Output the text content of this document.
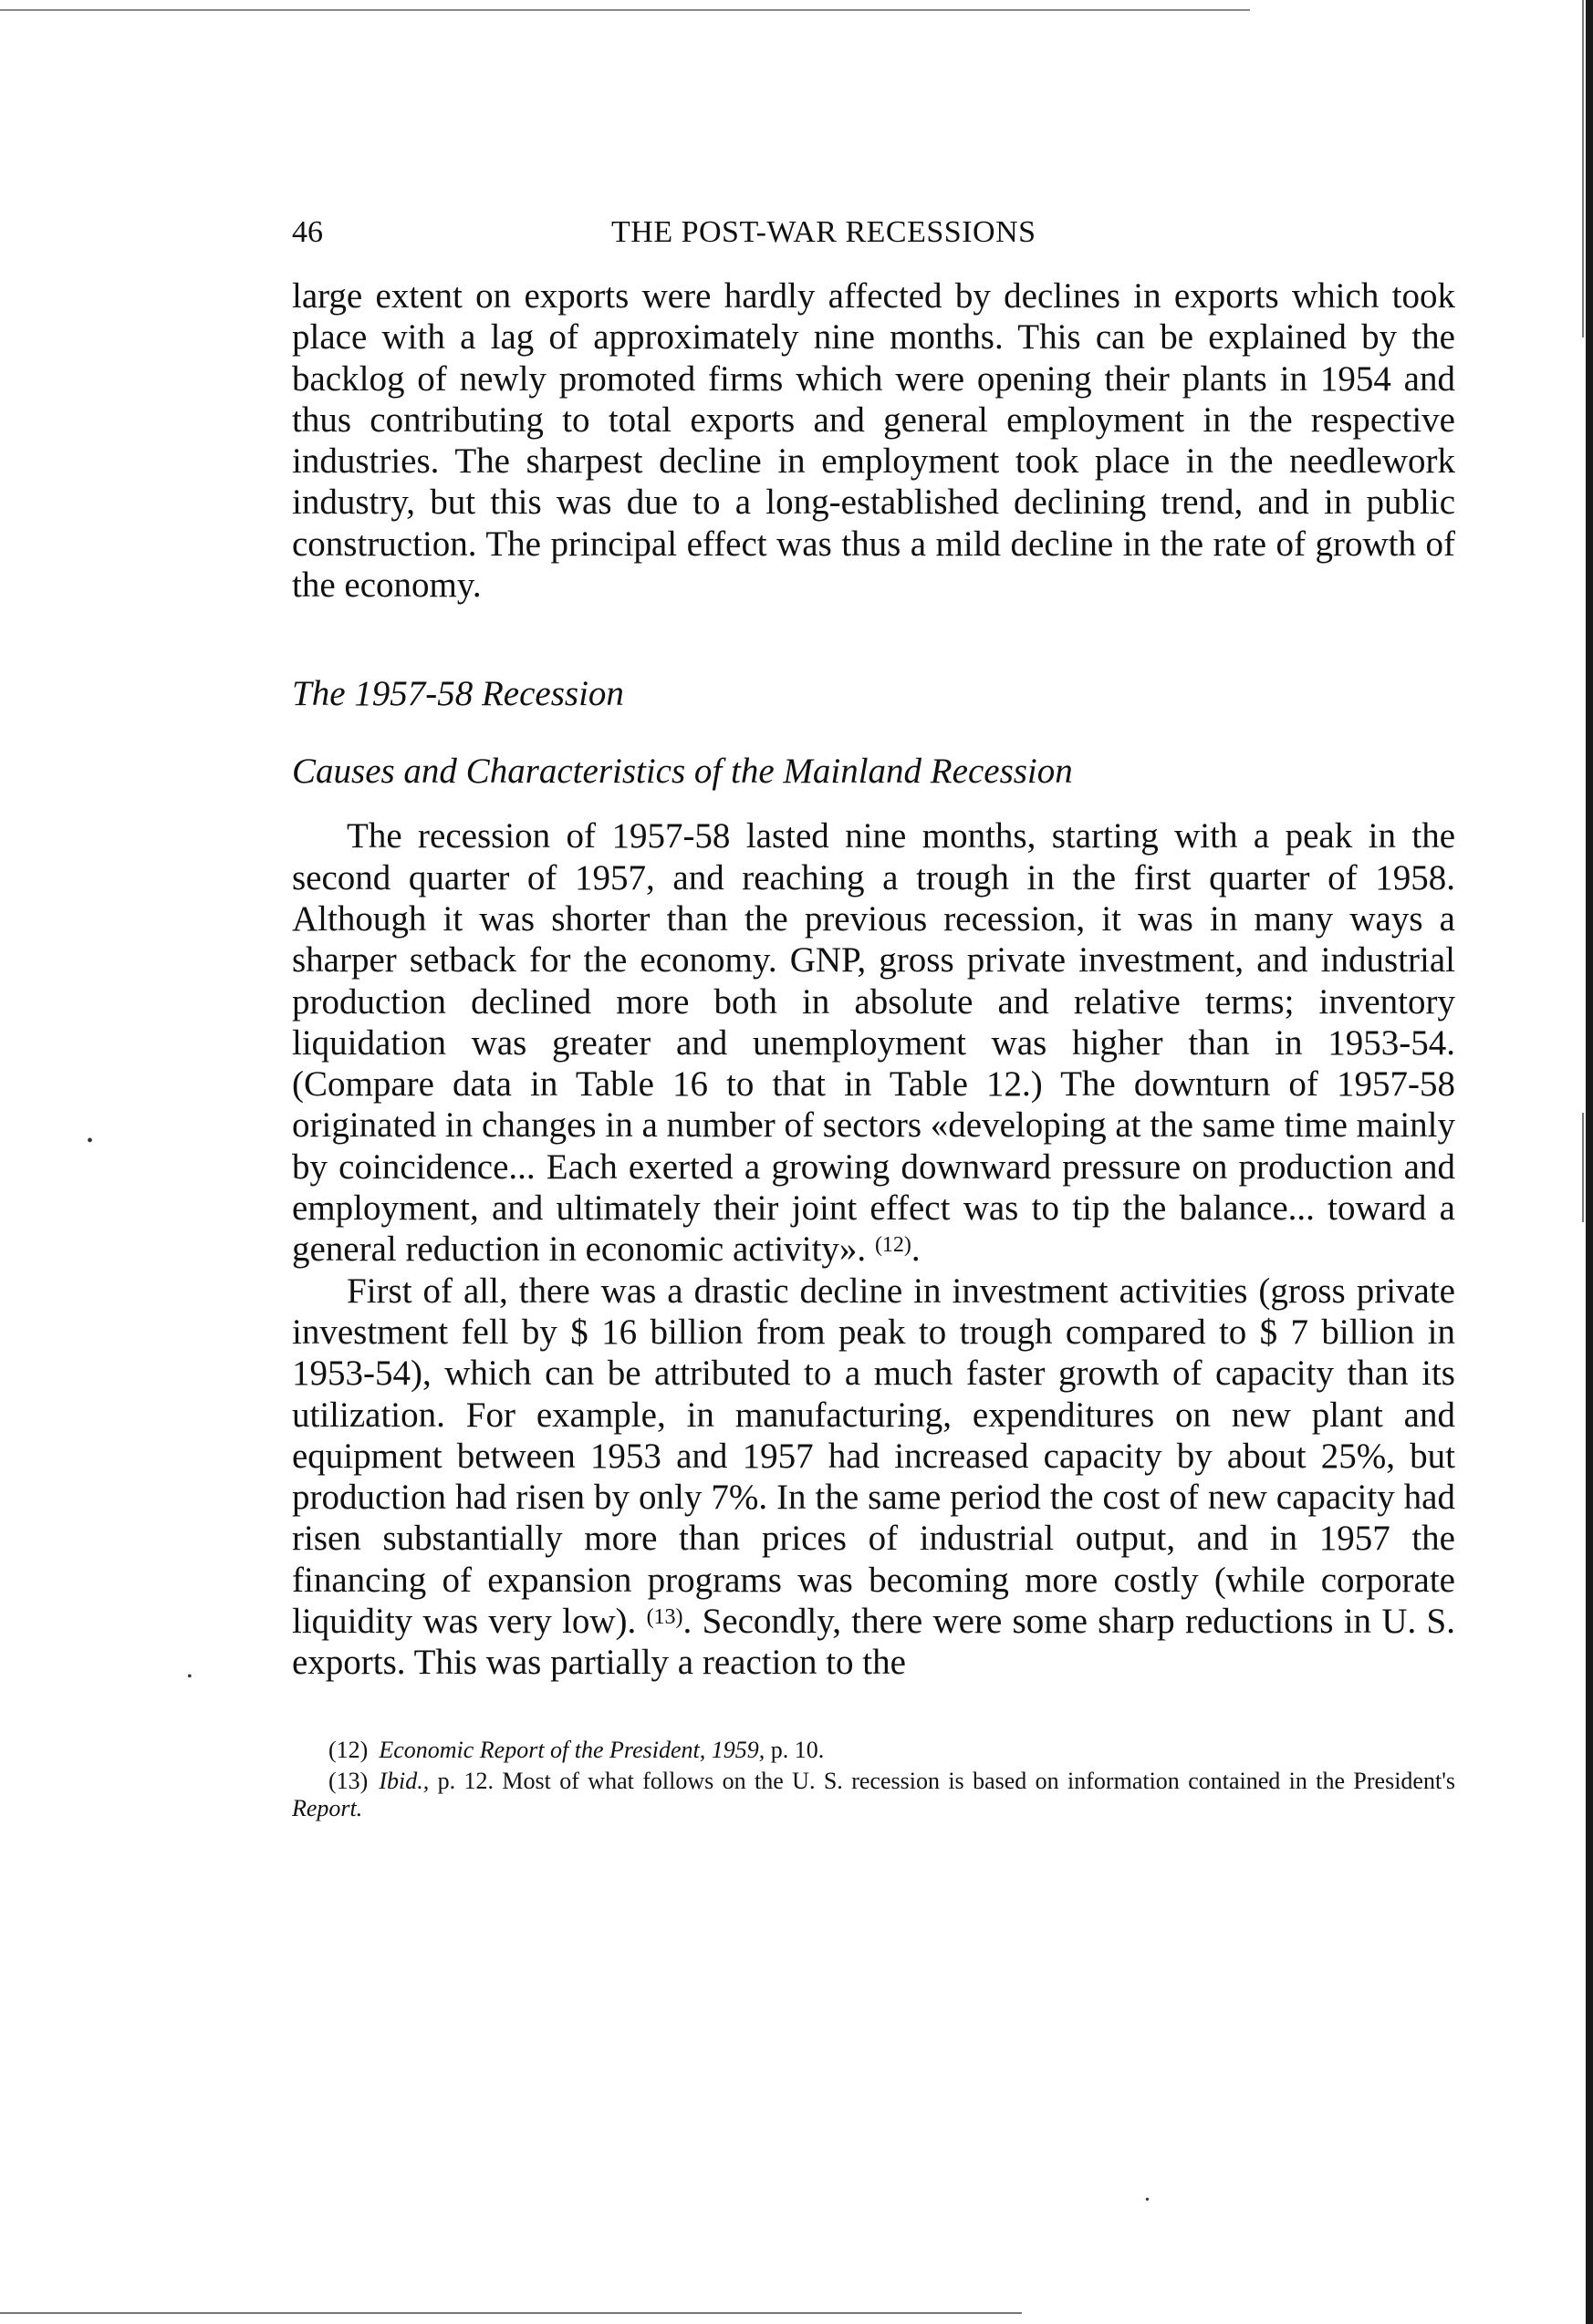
•
•
•
46	THE POST-WAR RECESSIONS

large extent on exports were hardly affected by declines in exports which took place with a lag of approximately nine months. This can be explained by the backlog of newly promoted firms which were opening their plants in 1954 and thus contributing to total exports and general employment in the respective industries. The sharpest decline in employment took place in the needlework industry, but this was due to a long-established declining trend, and in public construction. The principal effect was thus a mild decline in the rate of growth of the economy.

The 1957-58 Recession

Causes and Characteristics of the Mainland Recession

The recession of 1957-58 lasted nine months, starting with a peak in the second quarter of 1957, and reaching a trough in the first quarter of 1958. Although it was shorter than the previous recession, it was in many ways a sharper setback for the economy. GNP, gross private investment, and industrial production declined more both in absolute and relative terms; inventory liquidation was greater and unemployment was higher than in 1953-54. (Compare data in Table 16 to that in Table 12.) The downturn of 1957-58 originated in changes in a number of sectors «developing at the same time mainly by coincidence... Each exerted a growing downward pressure on production and employment, and ultimately their joint effect was to tip the balance... toward a general reduction in economic activity». $^{(12)}$.

First of all, there was a drastic decline in investment activities (gross private investment fell by $ 16 billion from peak to trough compared to $ 7 billion in 1953-54), which can be attributed to a much faster growth of capacity than its utilization. For example, in manufacturing, expenditures on new plant and equipment between 1953 and 1957 had increased capacity by about 25%, but production had risen by only 7%. In the same period the cost of new capacity had risen substantially more than prices of industrial output, and in 1957 the financing of expansion programs was becoming more costly (while corporate liquidity was very low). $^{(13)}$. Secondly, there were some sharp reductions in U. S. exports. This was partially a reaction to the

(12) Economic Report of the President, 1959, p. 10.

(13) Ibid., p. 12. Most of what follows on the U. S. recession is based on information contained in the President's Report.
